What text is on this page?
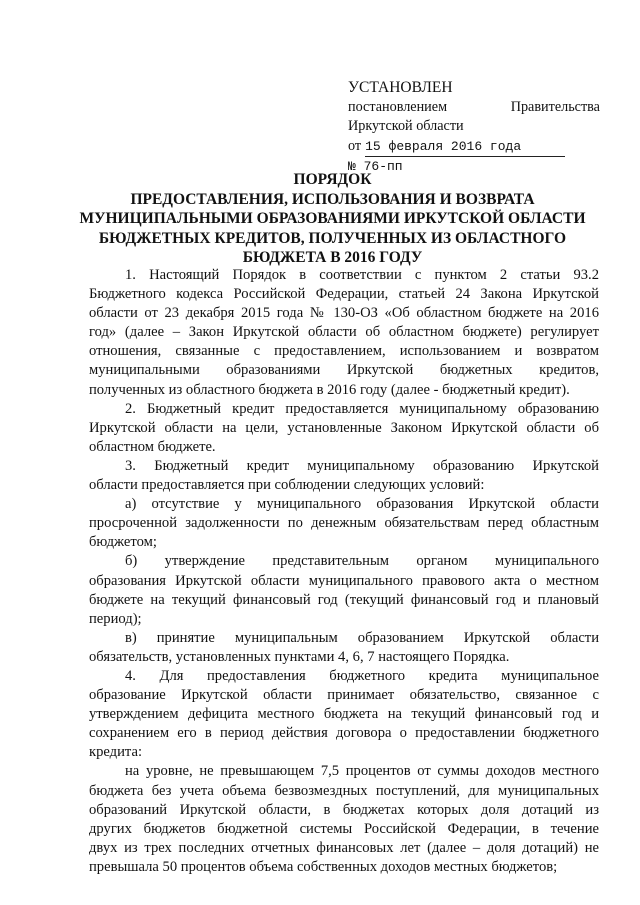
УСТАНОВЛЕН
постановлением	Правительства
Иркутской области
от 15 февраля 2016 года
№ 76-пп
ПОРЯДОК
ПРЕДОСТАВЛЕНИЯ, ИСПОЛЬЗОВАНИЯ И ВОЗВРАТА
МУНИЦИПАЛЬНЫМИ ОБРАЗОВАНИЯМИ ИРКУТСКОЙ ОБЛАСТИ
БЮДЖЕТНЫХ КРЕДИТОВ, ПОЛУЧЕННЫХ ИЗ ОБЛАСТНОГО
БЮДЖЕТА В 2016 ГОДУ
1. Настоящий Порядок в соответствии с пунктом 2 статьи 93.2
Бюджетного кодекса Российской Федерации, статьей 24 Закона Иркутской
области от 23 декабря 2015 года № 130-ОЗ «Об областном бюджете на 2016
год» (далее – Закон Иркутской области об областном бюджете) регулирует
отношения, связанные с предоставлением, использованием и возвратом
муниципальными образованиями Иркутской бюджетных кредитов,
полученных из областного бюджета в 2016 году (далее - бюджетный кредит).
2. Бюджетный кредит предоставляется муниципальному образованию
Иркутской области на цели, установленные Законом Иркутской области об
областном бюджете.
3. Бюджетный кредит муниципальному образованию Иркутской
области предоставляется при соблюдении следующих условий:
а) отсутствие у муниципального образования Иркутской области
просроченной задолженности по денежным обязательствам перед областным
бюджетом;
б) утверждение представительным органом муниципального
образования Иркутской области муниципального правового акта о местном
бюджете на текущий финансовый год (текущий финансовый год и плановый
период);
в) принятие муниципальным образованием Иркутской области
обязательств, установленных пунктами 4, 6, 7 настоящего Порядка.
4. Для предоставления бюджетного кредита муниципальное
образование Иркутской области принимает обязательство, связанное с
утверждением дефицита местного бюджета на текущий финансовый год и
сохранением его в период действия договора о предоставлении бюджетного
кредита:
на уровне, не превышающем 7,5 процентов от суммы доходов местного
бюджета без учета объема безвозмездных поступлений, для муниципальных
образований Иркутской области, в бюджетах которых доля дотаций из
других бюджетов бюджетной системы Российской Федерации, в течение
двух из трех последних отчетных финансовых лет (далее – доля дотаций) не
превышала 50 процентов объема собственных доходов местных бюджетов;
